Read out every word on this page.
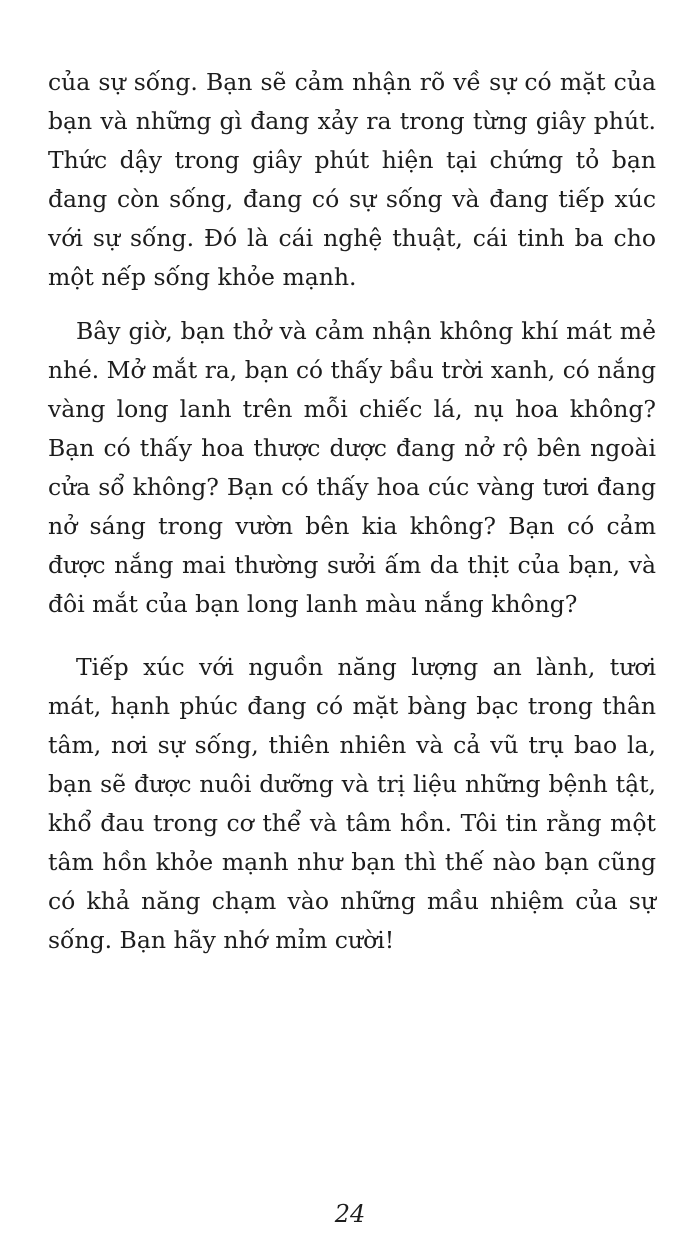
của sự sống. Bạn sẽ cảm nhận rõ về sự có mặt của
bạn và những gì đang xảy ra trong từng giây phút.
Thức dậy trong giây phút hiện tại chứng tỏ bạn
đang còn sống, đang có sự sống và đang tiếp xúc
với sự sống. Đó là cái nghệ thuật, cái tinh ba cho
một nếp sống khỏe mạnh.
Bây giờ, bạn thở và cảm nhận không khí mát mẻ
nhé. Mở mắt ra, bạn có thấy bầu trời xanh, có nắng
vàng long lanh trên mỗi chiếc lá, nụ hoa không?
Bạn có thấy hoa thược dược đang nở rộ bên ngoài
cửa sổ không? Bạn có thấy hoa cúc vàng tươi đang
nở sáng trong vườn bên kia không? Bạn có cảm
được nắng mai thường sưởi ấm da thịt của bạn, và
đôi mắt của bạn long lanh màu nắng không?
Tiếp xúc với nguồn năng lượng an lành, tươi
mát, hạnh phúc đang có mặt bàng bạc trong thân
tâm, nơi sự sống, thiên nhiên và cả vũ trụ bao la,
bạn sẽ được nuôi dưỡng và trị liệu những bệnh tật,
khổ đau trong cơ thể và tâm hồn. Tôi tin rằng một
tâm hồn khỏe mạnh như bạn thì thế nào bạn cũng
có khả năng chạm vào những mầu nhiệm của sự
sống. Bạn hãy nhớ mỉm cười!
24
